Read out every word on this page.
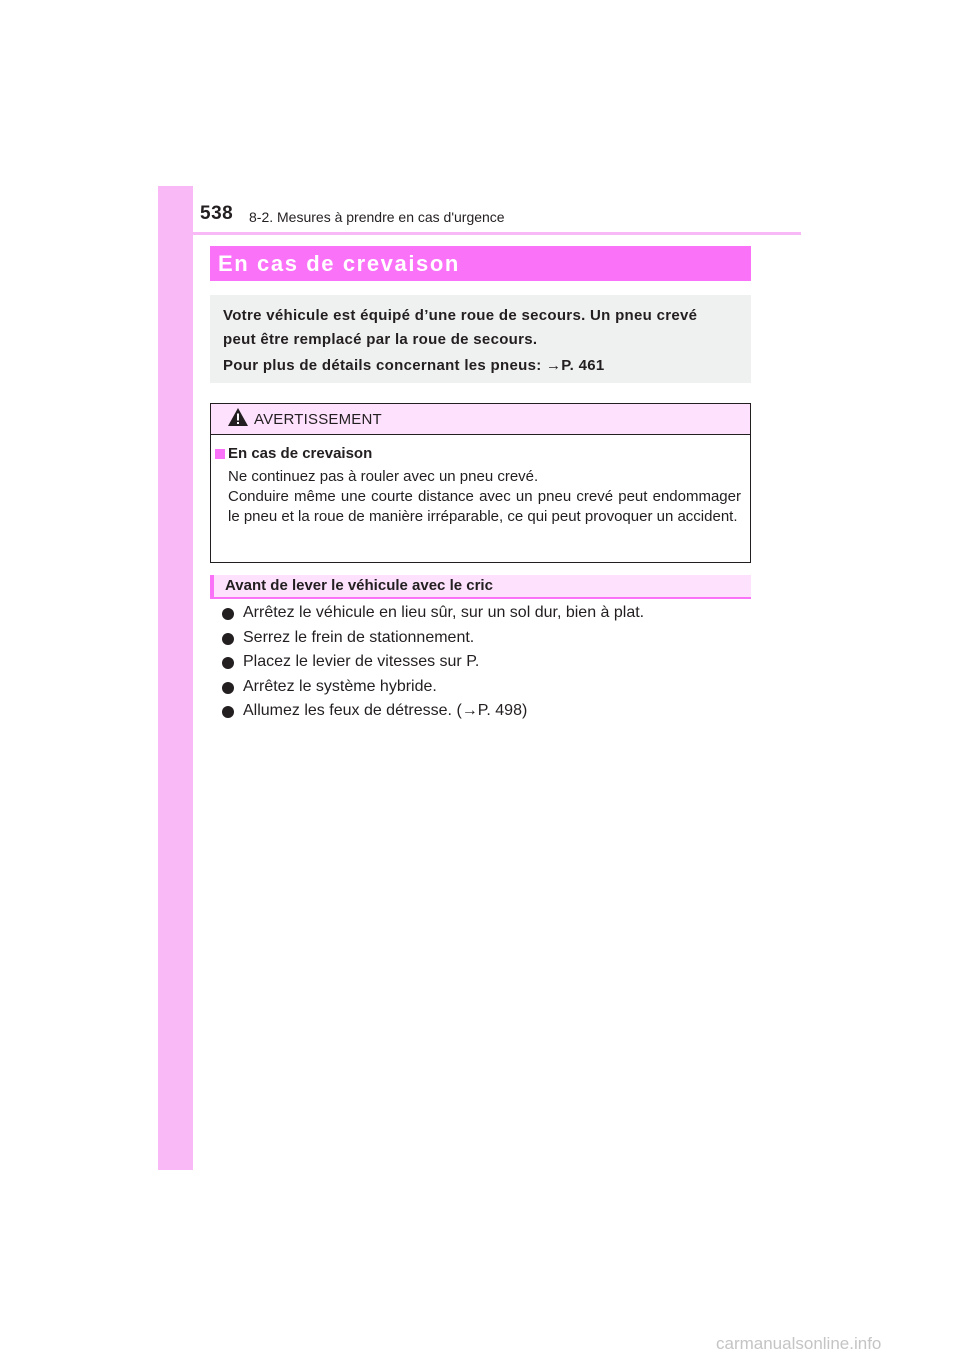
538 8-2. Mesures à prendre en cas d'urgence
En cas de crevaison
Votre véhicule est équipé d’une roue de secours. Un pneu crevé
peut être remplacé par la roue de secours.
Pour plus de détails concernant les pneus: →P. 461
AVERTISSEMENT
En cas de crevaison

Ne continuez pas à rouler avec un pneu crevé.

Conduire même une courte distance avec un pneu crevé peut endommager le pneu et la roue de manière irréparable, ce qui peut provoquer un accident.

Avant de lever le véhicule avec le cric
Arrêtez le véhicule en lieu sûr, sur un sol dur, bien à plat.
Serrez le frein de stationnement.
Placez le levier de vitesses sur P.
Arrêtez le système hybride.
Allumez les feux de détresse. (→P. 498)
carmanualsonline.info
